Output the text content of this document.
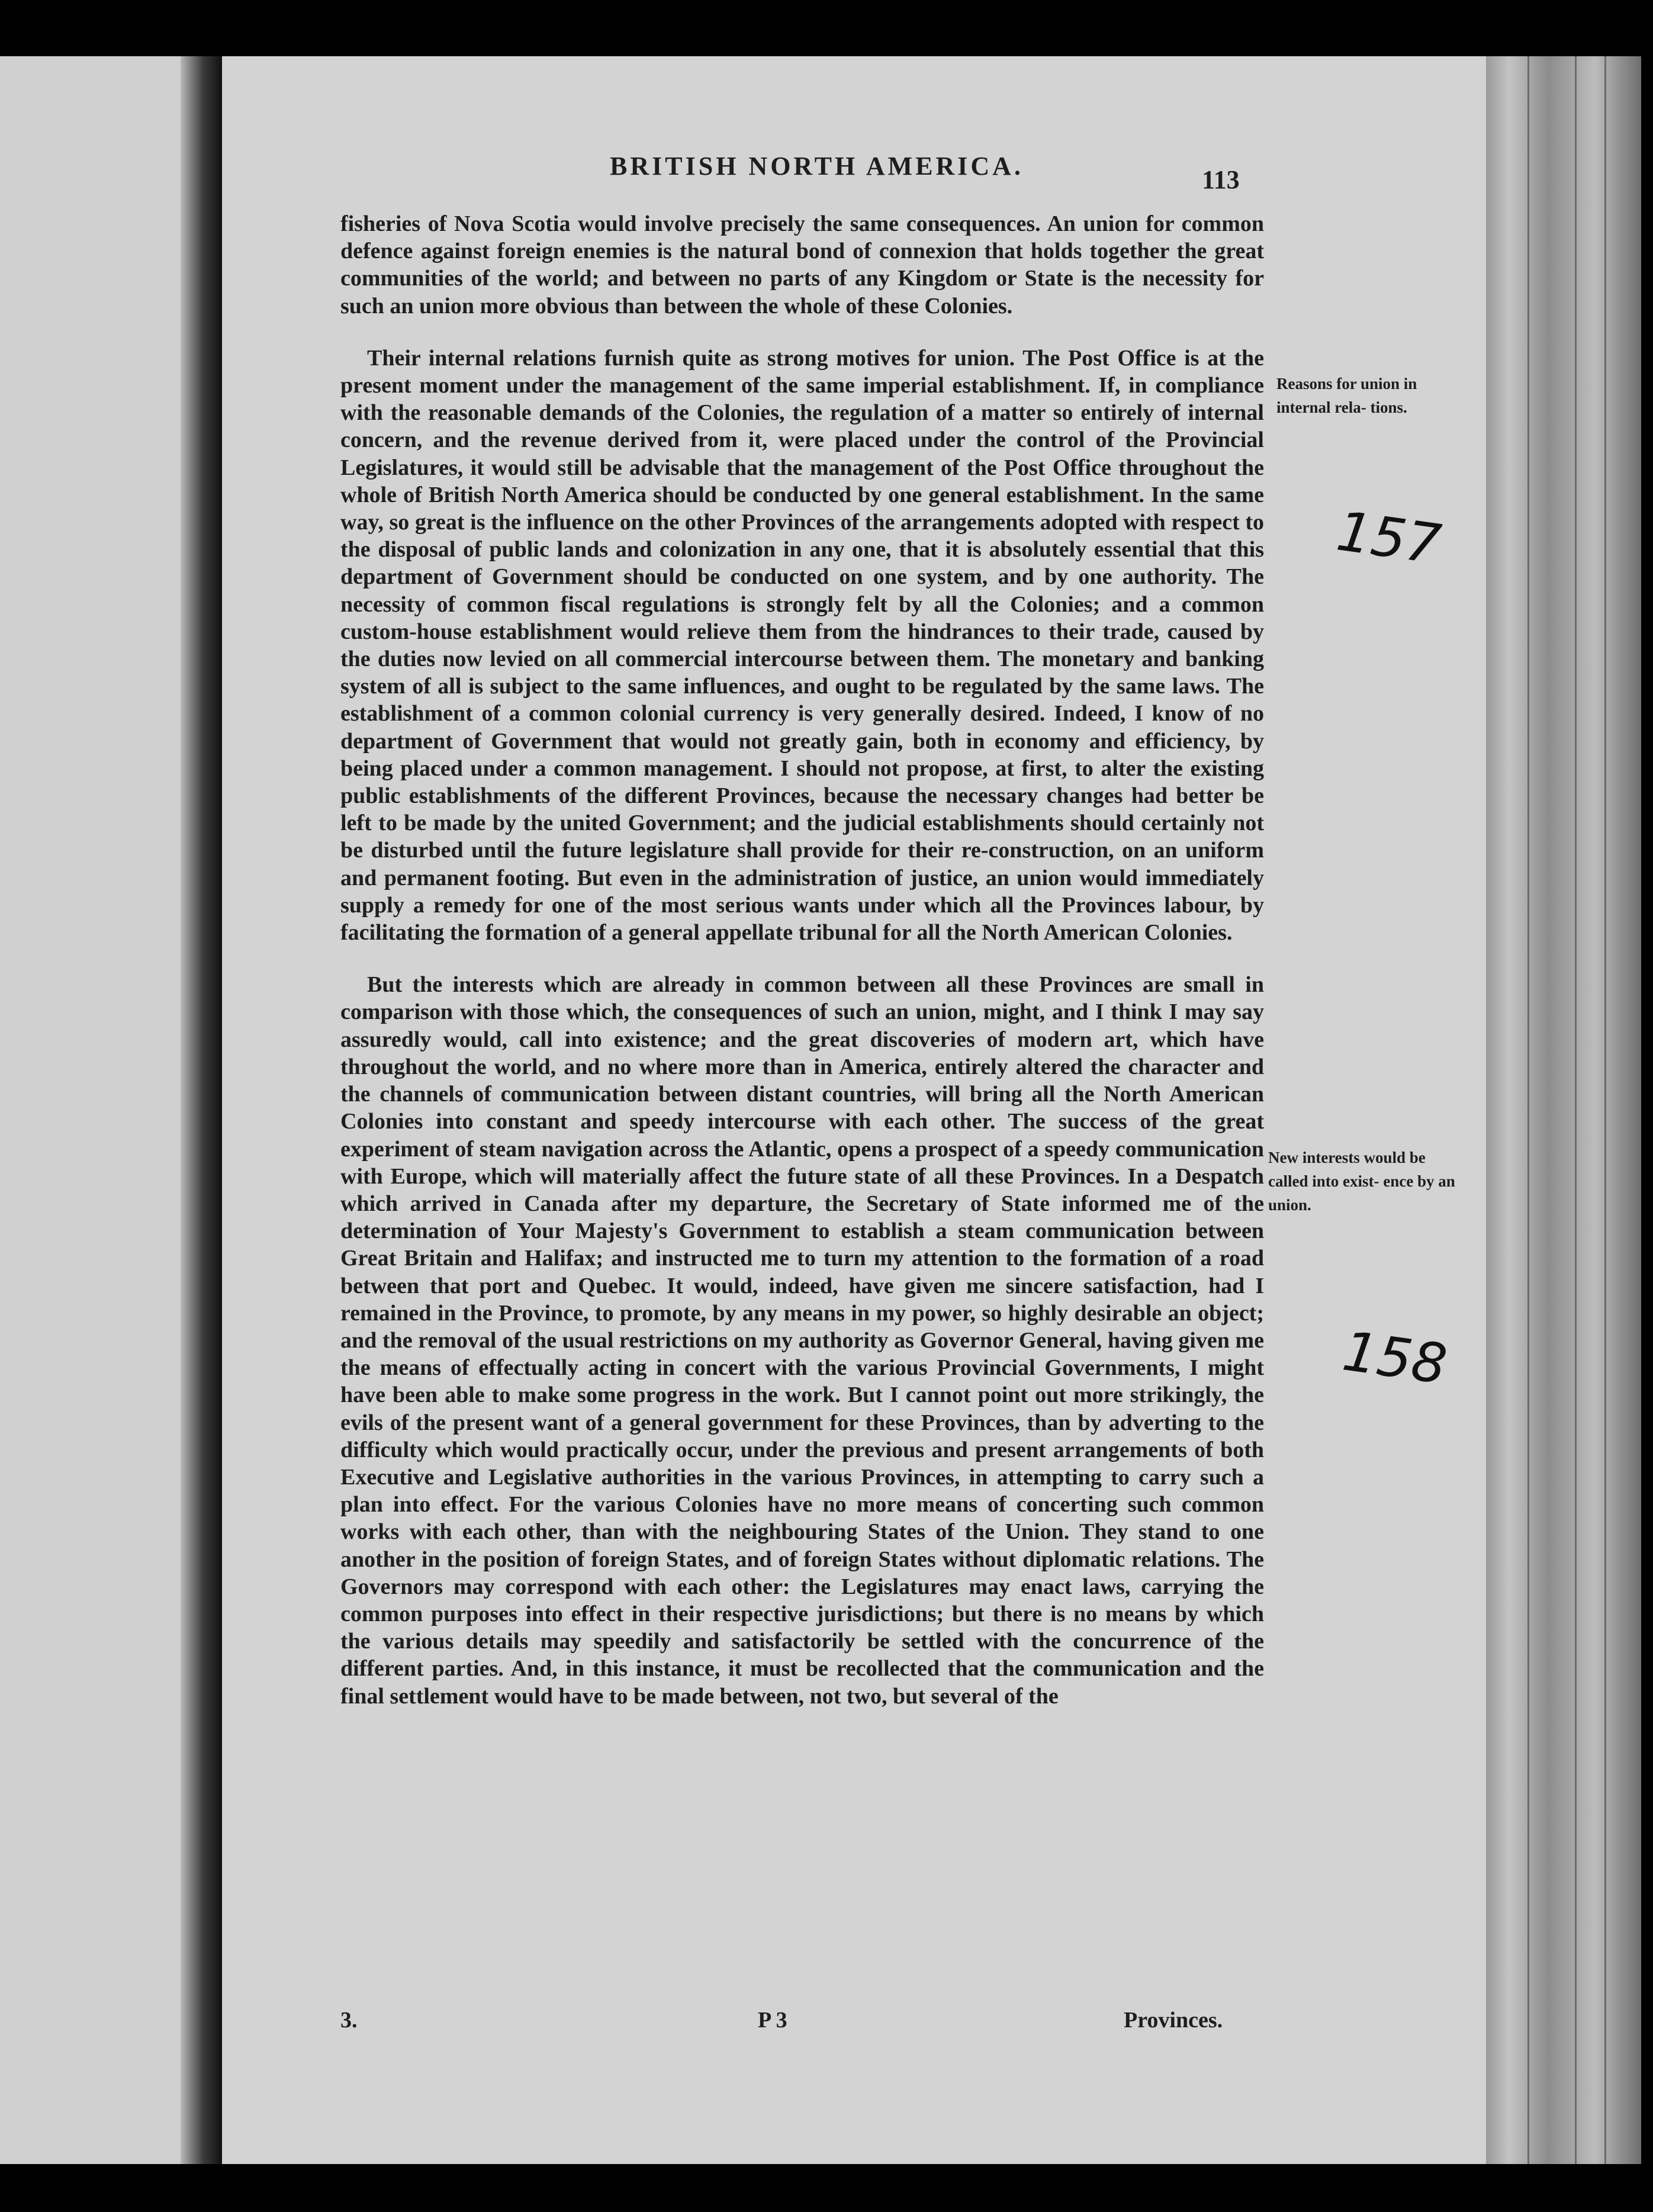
BRITISH NORTH AMERICA.	113

fisheries of Nova Scotia would involve precisely the same consequences. An union for common defence against foreign enemies is the natural bond of connexion that holds together the great communities of the world; and between no parts of any Kingdom or State is the necessity for such an union more obvious than between the whole of these Colonies.

Their internal relations furnish quite as strong motives for union. The Post Office is at the present moment under the management of the same imperial establishment. If, in compliance with the reasonable demands of the Colonies, the regulation of a matter so entirely of internal concern, and the revenue derived from it, were placed under the control of the Provincial Legislatures, it would still be advisable that the management of the Post Office throughout the whole of British North America should be conducted by one general establishment. In the same way, so great is the influence on the other Provinces of the arrangements adopted with respect to the disposal of public lands and colonization in any one, that it is absolutely essential that this department of Government should be conducted on one system, and by one authority. The necessity of common fiscal regulations is strongly felt by all the Colonies; and a common custom-house establishment would relieve them from the hindrances to their trade, caused by the duties now levied on all commercial intercourse between them. The monetary and banking system of all is subject to the same influences, and ought to be regulated by the same laws. The establishment of a common colonial currency is very generally desired. Indeed, I know of no department of Government that would not greatly gain, both in economy and efficiency, by being placed under a common management. I should not propose, at first, to alter the existing public establishments of the different Provinces, because the necessary changes had better be left to be made by the united Government; and the judicial establishments should certainly not be disturbed until the future legislature shall provide for their re-construction, on an uniform and permanent footing. But even in the administration of justice, an union would immediately supply a remedy for one of the most serious wants under which all the Provinces labour, by facilitating the formation of a general appellate tribunal for all the North American Colonies.

But the interests which are already in common between all these Provinces are small in comparison with those which, the consequences of such an union, might, and I think I may say assuredly would, call into existence; and the great discoveries of modern art, which have throughout the world, and no where more than in America, entirely altered the character and the channels of communication between distant countries, will bring all the North American Colonies into constant and speedy intercourse with each other. The success of the great experiment of steam navigation across the Atlantic, opens a prospect of a speedy communication with Europe, which will materially affect the future state of all these Provinces. In a Despatch which arrived in Canada after my departure, the Secretary of State informed me of the determination of Your Majesty's Government to establish a steam communication between Great Britain and Halifax; and instructed me to turn my attention to the formation of a road between that port and Quebec. It would, indeed, have given me sincere satisfaction, had I remained in the Province, to promote, by any means in my power, so highly desirable an object; and the removal of the usual restrictions on my authority as Governor General, having given me the means of effectually acting in concert with the various Provincial Governments, I might have been able to make some progress in the work. But I cannot point out more strikingly, the evils of the present want of a general government for these Provinces, than by adverting to the difficulty which would practically occur, under the previous and present arrangements of both Executive and Legislative authorities in the various Provinces, in attempting to carry such a plan into effect. For the various Colonies have no more means of concerting such common works with each other, than with the neighbouring States of the Union. They stand to one another in the position of foreign States, and of foreign States without diplomatic relations. The Governors may correspond with each other: the Legislatures may enact laws, carrying the common purposes into effect in their respective jurisdictions; but there is no means by which the various details may speedily and satisfactorily be settled with the concurrence of the different parties. And, in this instance, it must be recollected that the communication and the final settlement would have to be made between, not two, but several of the

Reasons for union in internal rela- tions.
New interests would be called into exist- ence by an union.
157
158
3.	P 3	Provinces.
